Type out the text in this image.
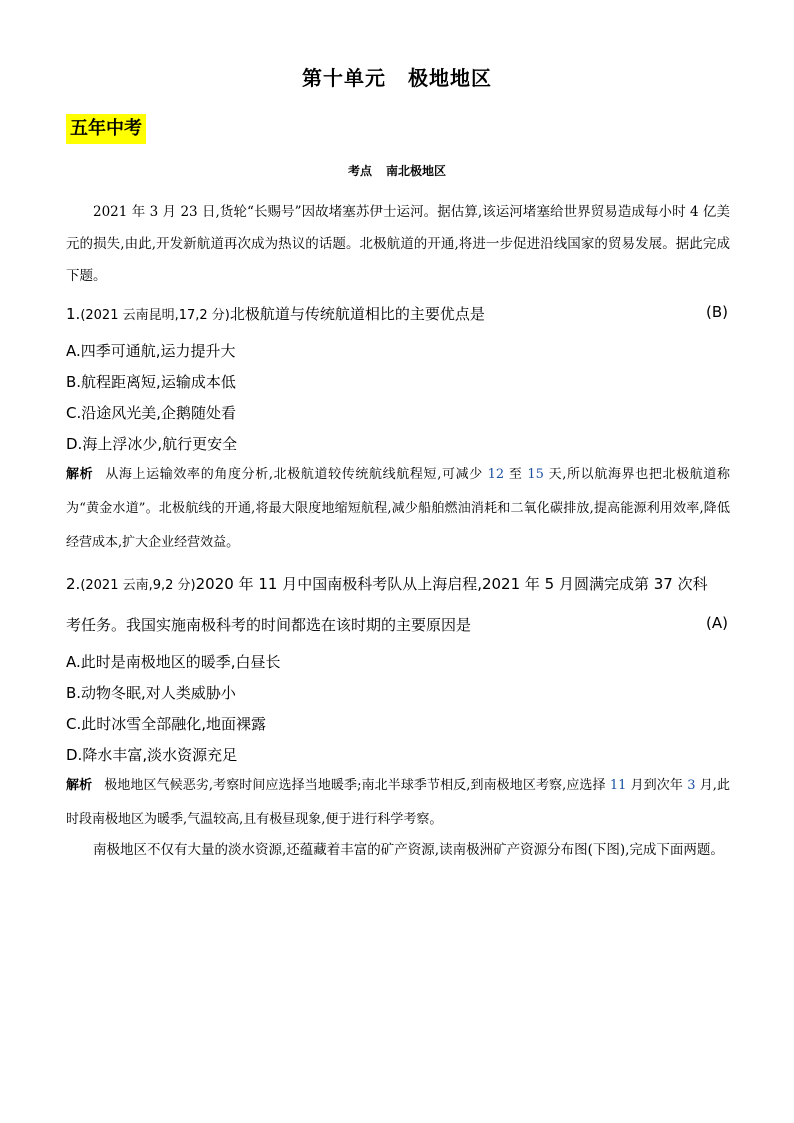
第十单元 极地地区
五年中考
考点 南北极地区
2021 年 3 月 23 日,货轮“长赐号”因故堵塞苏伊士运河。据估算,该运河堵塞给世界贸易造成每小时 4 亿美元的损失,由此,开发新航道再次成为热议的话题。北极航道的开通,将进一步促进沿线国家的贸易发展。据此完成下题。
1.(2021 云南昆明,17,2 分)北极航道与传统航道相比的主要优点是	(B)
A.四季可通航,运力提升大
B.航程距离短,运输成本低
C.沿途风光美,企鹅随处看
D.海上浮冰少,航行更安全
解析 从海上运输效率的角度分析,北极航道较传统航线航程短,可减少 12 至 15 天,所以航海界也把北极航道称为“黄金水道”。北极航线的开通,将最大限度地缩短航程,减少船舶燃油消耗和二氧化碳排放,提高能源利用效率,降低经营成本,扩大企业经营效益。
2.(2021 云南,9,2 分)2020 年 11 月中国南极科考队从上海启程,2021 年 5 月圆满完成第 37 次科
考任务。我国实施南极科考的时间都选在该时期的主要原因是	(A)
A.此时是南极地区的暖季,白昼长
B.动物冬眠,对人类威胁小
C.此时冰雪全部融化,地面裸露
D.降水丰富,淡水资源充足
解析 极地地区气候恶劣,考察时间应选择当地暖季;南北半球季节相反,到南极地区考察,应选择 11 月到次年 3 月,此时段南极地区为暖季,气温较高,且有极昼现象,便于进行科学考察。
南极地区不仅有大量的淡水资源,还蕴藏着丰富的矿产资源,读南极洲矿产资源分布图(下图),完成下面两题。
